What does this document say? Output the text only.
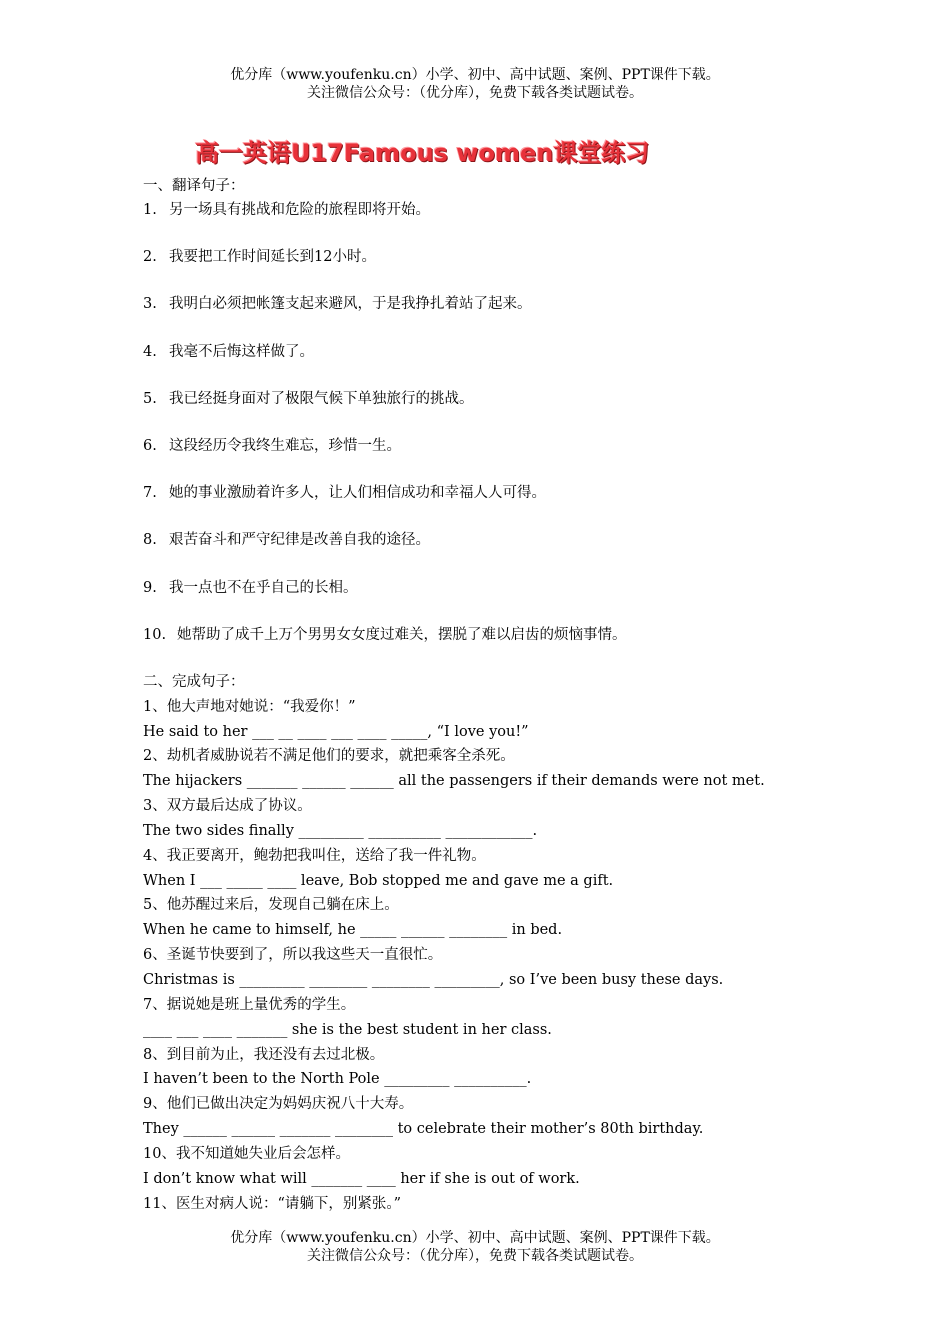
优分库（www.youfenku.cn）小学、初中、高中试题、案例、PPT课件下载。
关注微信公众号：（优分库），免费下载各类试题试卷。
高一英语U17Famous women课堂练习
一、翻译句子：
1. 另一场具有挑战和危险的旅程即将开始。
2. 我要把工作时间延长到12小时。
3. 我明白必须把帐篷支起来避风，于是我挣扎着站了起来。
4. 我毫不后悔这样做了。
5. 我已经挺身面对了极限气候下单独旅行的挑战。
6. 这段经历令我终生难忘，珍惜一生。
7. 她的事业激励着许多人，让人们相信成功和幸福人人可得。
8. 艰苦奋斗和严守纪律是改善自我的途径。
9. 我一点也不在乎自己的长相。
10. 她帮助了成千上万个男男女女度过难关，摆脱了难以启齿的烦恼事情。
二、完成句子：
1、他大声地对她说：“我爱你！”
He said to her ___ __ ____ ___ ____ _____, “I love you!”
2、劫机者威胁说若不满足他们的要求，就把乘客全杀死。
The hijackers _______ ______ ______ all the passengers if their demands were not met.
3、双方最后达成了协议。
The two sides finally _________ __________ ____________.
4、我正要离开，鲍勃把我叫住，送给了我一件礼物。
When I ___ _____ ____ leave, Bob stopped me and gave me a gift.
5、他苏醒过来后，发现自己躺在床上。
When he came to himself, he _____ ______ ________ in bed.
6、圣诞节快要到了，所以我这些天一直很忙。
Christmas is _________ ________ ________ _________, so I’ve been busy these days.
7、据说她是班上量优秀的学生。
____ ___ ____ _______ she is the best student in her class.
8、到目前为止，我还没有去过北极。
I haven’t been to the North Pole _________ __________.
9、他们已做出决定为妈妈庆祝八十大寿。
They ______ ______ _______ ________ to celebrate their mother’s 80th birthday.
10、我不知道她失业后会怎样。
I don’t know what will _______ ____ her if she is out of work.
11、医生对病人说：“请躺下，别紧张。”
优分库（www.youfenku.cn）小学、初中、高中试题、案例、PPT课件下载。
关注微信公众号：（优分库），免费下载各类试题试卷。
